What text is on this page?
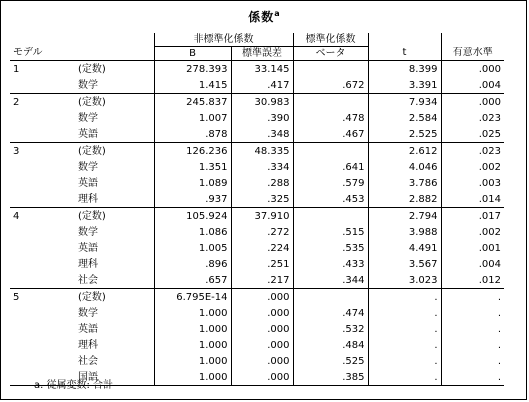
係数$^a$
		非標準化係数		標準化係数		
モデル		B	標準誤差	ベータ	t	有意水準
1	(定数)	278.393	33.145		8.399	.000
	数学	1.415	.417	.672	3.391	.004
2	(定数)	245.837	30.983		7.934	.000
	数学	1.007	.390	.478	2.584	.023
	英語	.878	.348	.467	2.525	.025
3	(定数)	126.236	48.335		2.612	.023
	数学	1.351	.334	.641	4.046	.002
	英語	1.089	.288	.579	3.786	.003
	理科	.937	.325	.453	2.882	.014
4	(定数)	105.924	37.910		2.794	.017
	数学	1.086	.272	.515	3.988	.002
	英語	1.005	.224	.535	4.491	.001
	理科	.896	.251	.433	3.567	.004
	社会	.657	.217	.344	3.023	.012
5	(定数)	6.795E-14	.000		.	.
	数学	1.000	.000	.474	.	.
	英語	1.000	.000	.532	.	.
	理科	1.000	.000	.484	.	.
	社会	1.000	.000	.525	.	.
	国語	1.000	.000	.385	.	.
a. 従属変数: 合計
